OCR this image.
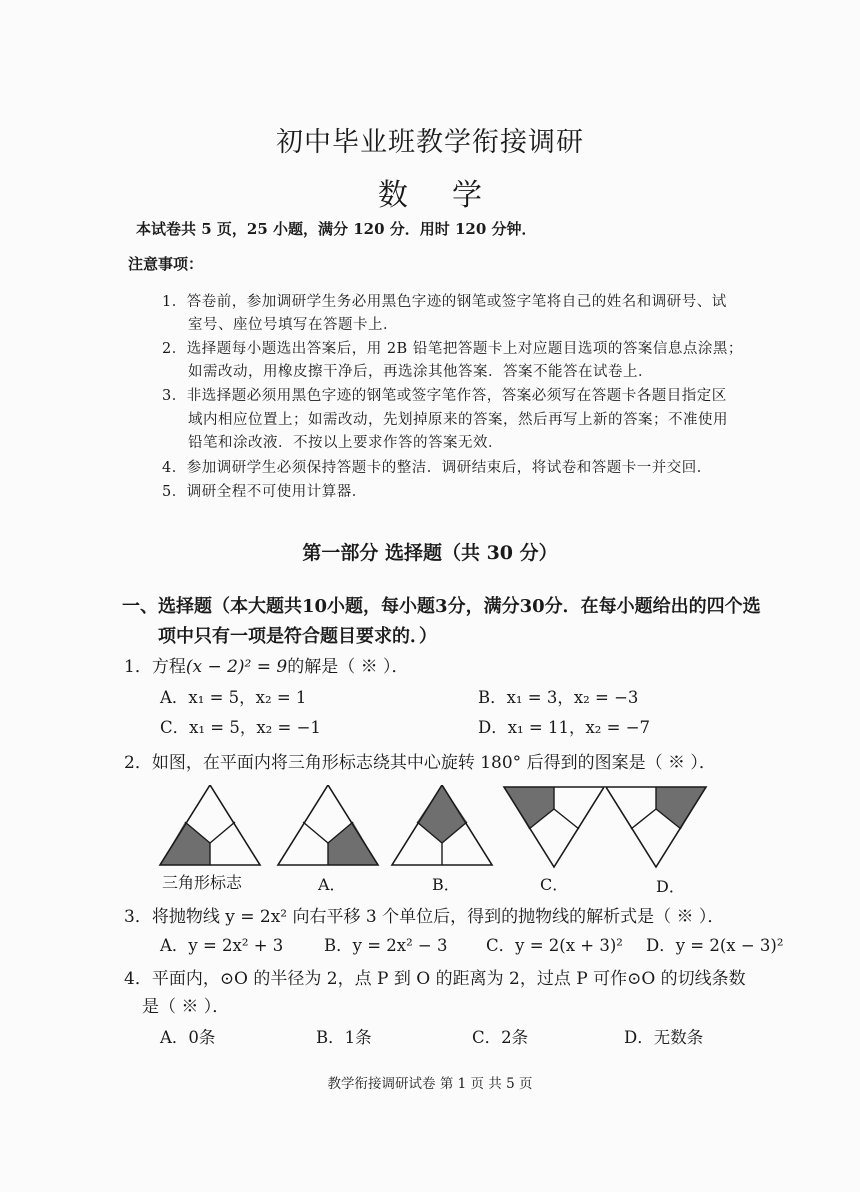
初中毕业班教学衔接调研
数学
本试卷共 5 页，25 小题，满分 120 分．用时 120 分钟．
注意事项：
1．答卷前，参加调研学生务必用黑色字迹的钢笔或签字笔将自己的姓名和调研号、试
室号、座位号填写在答题卡上．
2．选择题每小题选出答案后，用 2B 铅笔把答题卡上对应题目选项的答案信息点涂黑；
如需改动，用橡皮擦干净后，再选涂其他答案．答案不能答在试卷上．
3．非选择题必须用黑色字迹的钢笔或签字笔作答，答案必须写在答题卡各题目指定区
域内相应位置上；如需改动，先划掉原来的答案，然后再写上新的答案；不准使用
铅笔和涂改液．不按以上要求作答的答案无效．
4．参加调研学生必须保持答题卡的整洁．调研结束后，将试卷和答题卡一并交回．
5．调研全程不可使用计算器．
第一部分 选择题（共 30 分）
一、选择题（本大题共10小题，每小题3分，满分30分．在每小题给出的四个选
项中只有一项是符合题目要求的．）
1．方程(x − 2)² = 9的解是（ ※ ）．
A．x₁ = 5，x₂ = 1	B．x₁ = 3，x₂ = −3
C．x₁ = 5，x₂ = −1	D．x₁ = 11，x₂ = −7
2．如图，在平面内将三角形标志绕其中心旋转 180° 后得到的图案是（ ※ ）．
三角形标志	A．	B．	C．	D．
3．将抛物线 y = 2x² 向右平移 3 个单位后，得到的抛物线的解析式是（ ※ ）．
A．y = 2x² + 3 B．y = 2x² − 3 C．y = 2(x + 3)² D．y = 2(x − 3)²
4．平面内，⊙O 的半径为 2，点 P 到 O 的距离为 2，过点 P 可作⊙O 的切线条数
是（ ※ ）．
A．0条	B．1条	C．2条	D．无数条
教学衔接调研试卷 第 1 页 共 5 页
